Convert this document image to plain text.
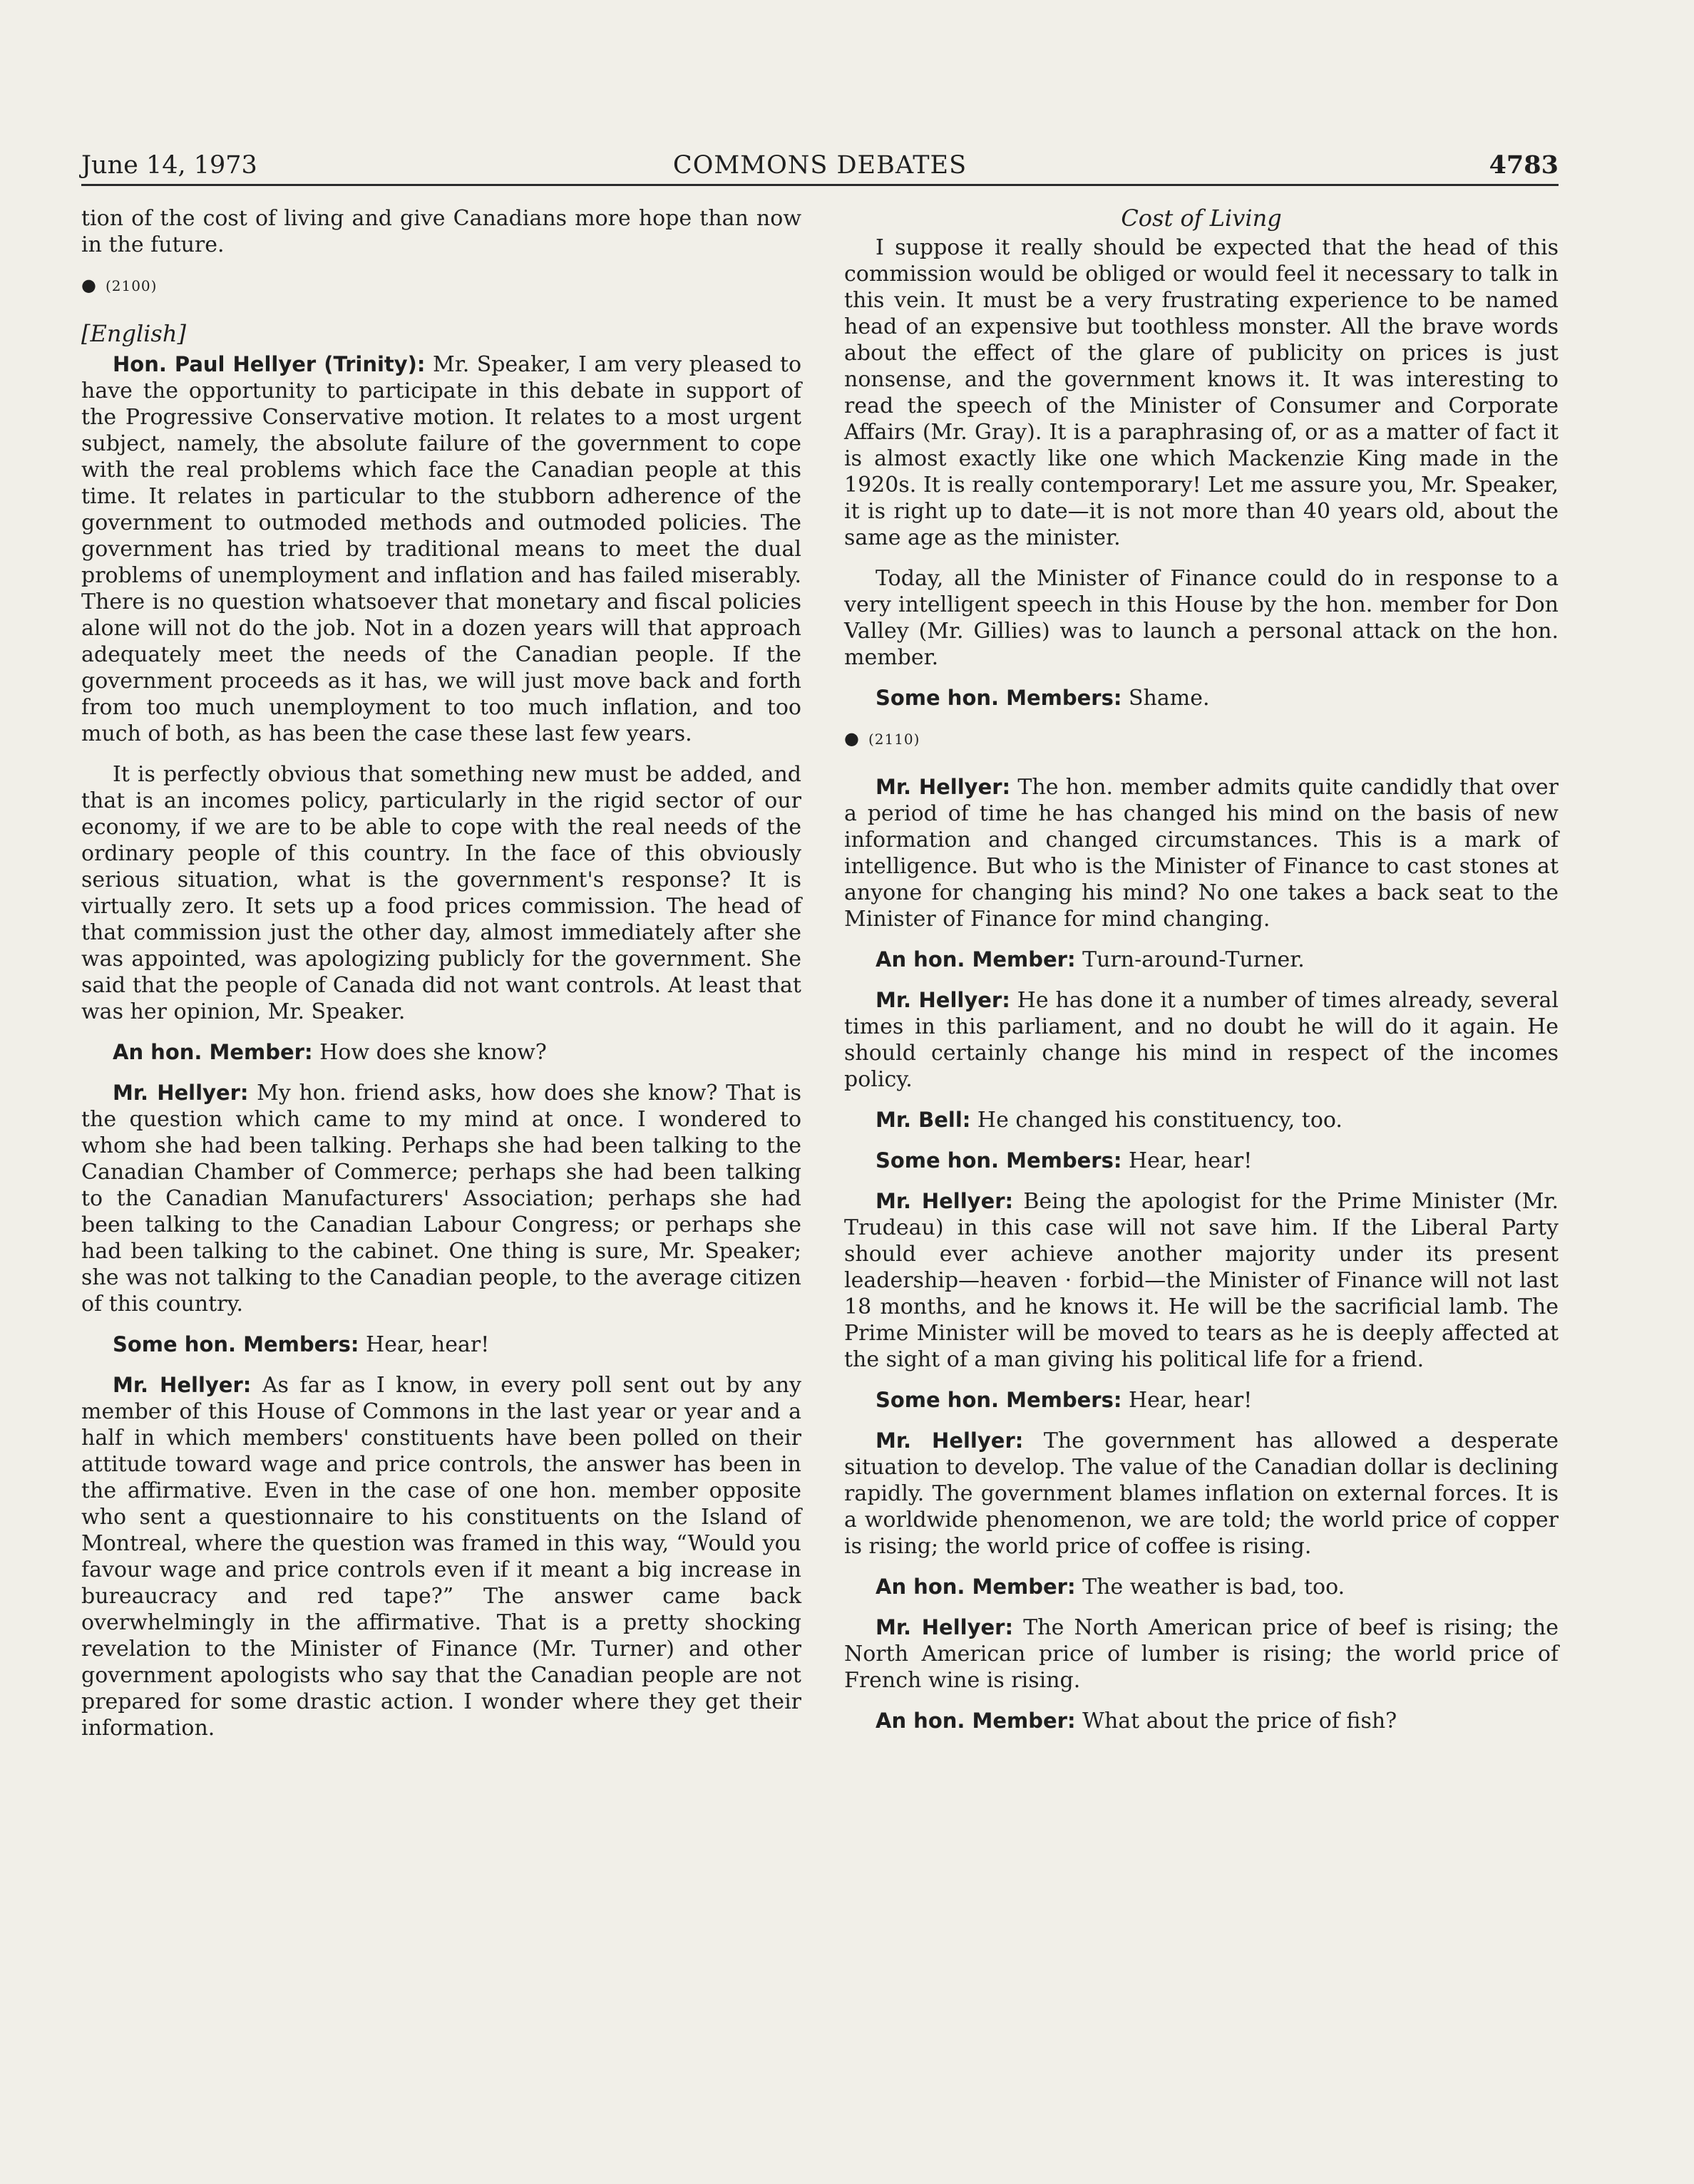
June 14, 1973	COMMONS DEBATES	4783

tion of the cost of living and give Canadians more hope than now in the future.

● (2100)
[English]

Hon. Paul Hellyer (Trinity): Mr. Speaker, I am very pleased to have the opportunity to participate in this debate in support of the Progressive Conservative motion. It relates to a most urgent subject, namely, the absolute failure of the government to cope with the real problems which face the Canadian people at this time. It relates in particular to the stubborn adherence of the government to outmoded methods and outmoded policies. The government has tried by traditional means to meet the dual problems of unemployment and inflation and has failed miserably. There is no question whatsoever that monetary and fiscal policies alone will not do the job. Not in a dozen years will that approach adequately meet the needs of the Canadian people. If the government proceeds as it has, we will just move back and forth from too much unemployment to too much inflation, and too much of both, as has been the case these last few years.

It is perfectly obvious that something new must be added, and that is an incomes policy, particularly in the rigid sector of our economy, if we are to be able to cope with the real needs of the ordinary people of this country. In the face of this obviously serious situation, what is the government's response? It is virtually zero. It sets up a food prices commission. The head of that commission just the other day, almost immediately after she was appointed, was apologizing publicly for the government. She said that the people of Canada did not want controls. At least that was her opinion, Mr. Speaker.

An hon. Member: How does she know?

Mr. Hellyer: My hon. friend asks, how does she know? That is the question which came to my mind at once. I wondered to whom she had been talking. Perhaps she had been talking to the Canadian Chamber of Commerce; perhaps she had been talking to the Canadian Manufacturers' Association; perhaps she had been talking to the Canadian Labour Congress; or perhaps she had been talking to the cabinet. One thing is sure, Mr. Speaker; she was not talking to the Canadian people, to the average citizen of this country.

Some hon. Members: Hear, hear!

Mr. Hellyer: As far as I know, in every poll sent out by any member of this House of Commons in the last year or year and a half in which members' constituents have been polled on their attitude toward wage and price controls, the answer has been in the affirmative. Even in the case of one hon. member opposite who sent a questionnaire to his constituents on the Island of Montreal, where the question was framed in this way, “Would you favour wage and price controls even if it meant a big increase in bureaucracy and red tape?” The answer came back overwhelmingly in the affirmative. That is a pretty shocking revelation to the Minister of Finance (Mr. Turner) and other government apologists who say that the Canadian people are not prepared for some drastic action. I wonder where they get their information.

Cost of Living

I suppose it really should be expected that the head of this commission would be obliged or would feel it necessary to talk in this vein. It must be a very frustrating experience to be named head of an expensive but toothless monster. All the brave words about the effect of the glare of publicity on prices is just nonsense, and the government knows it. It was interesting to read the speech of the Minister of Consumer and Corporate Affairs (Mr. Gray). It is a paraphrasing of, or as a matter of fact it is almost exactly like one which Mackenzie King made in the 1920s. It is really contemporary! Let me assure you, Mr. Speaker, it is right up to date—it is not more than 40 years old, about the same age as the minister.

Today, all the Minister of Finance could do in response to a very intelligent speech in this House by the hon. member for Don Valley (Mr. Gillies) was to launch a personal attack on the hon. member.

Some hon. Members: Shame.

● (2110)

Mr. Hellyer: The hon. member admits quite candidly that over a period of time he has changed his mind on the basis of new information and changed circumstances. This is a mark of intelligence. But who is the Minister of Finance to cast stones at anyone for changing his mind? No one takes a back seat to the Minister of Finance for mind changing.

An hon. Member: Turn-around-Turner.

Mr. Hellyer: He has done it a number of times already, several times in this parliament, and no doubt he will do it again. He should certainly change his mind in respect of the incomes policy.

Mr. Bell: He changed his constituency, too.

Some hon. Members: Hear, hear!

Mr. Hellyer: Being the apologist for the Prime Minister (Mr. Trudeau) in this case will not save him. If the Liberal Party should ever achieve another majority under its present leadership—heaven · forbid—the Minister of Finance will not last 18 months, and he knows it. He will be the sacrificial lamb. The Prime Minister will be moved to tears as he is deeply affected at the sight of a man giving his political life for a friend.

Some hon. Members: Hear, hear!

Mr. Hellyer: The government has allowed a desperate situation to develop. The value of the Canadian dollar is declining rapidly. The government blames inflation on external forces. It is a worldwide phenomenon, we are told; the world price of copper is rising; the world price of coffee is rising.

An hon. Member: The weather is bad, too.

Mr. Hellyer: The North American price of beef is rising; the North American price of lumber is rising; the world price of French wine is rising.

An hon. Member: What about the price of fish?
